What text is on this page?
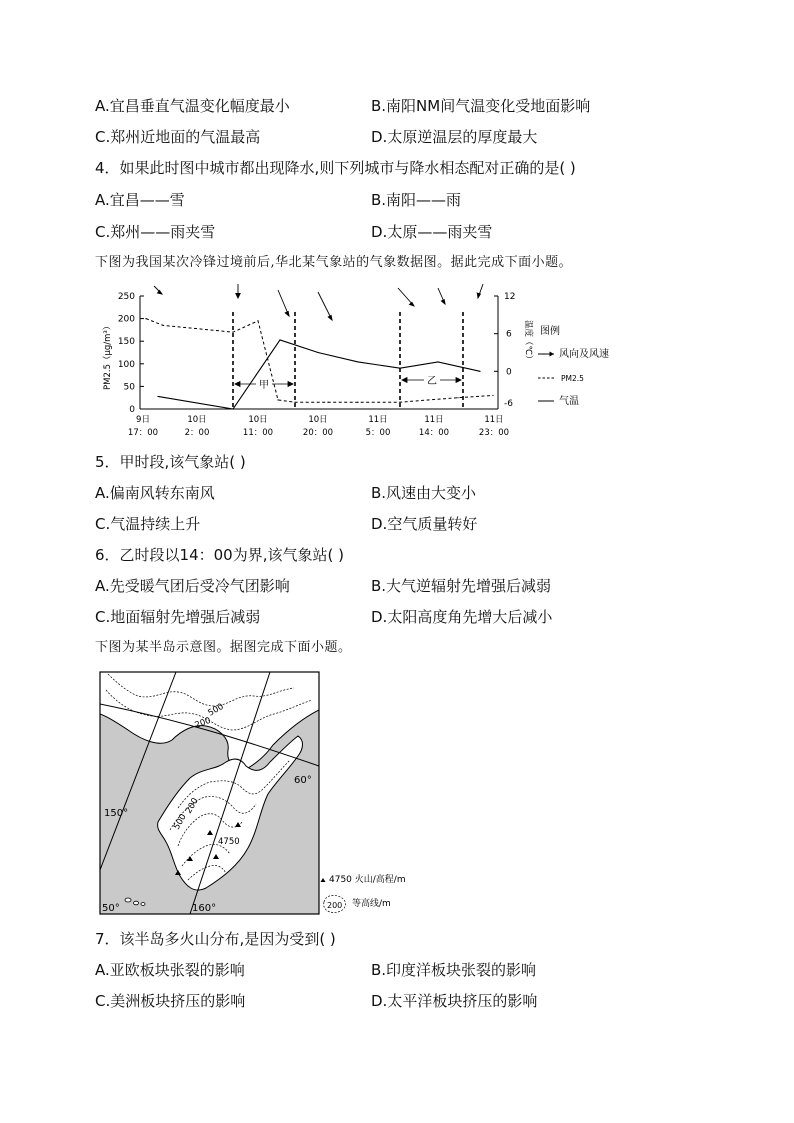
A.宜昌垂直气温变化幅度最小	B.南阳NM间气温变化受地面影响
C.郑州近地面的气温最高	D.太原逆温层的厚度最大
4．如果此时图中城市都出现降水,则下列城市与降水相态配对正确的是( )
A.宜昌——雪	B.南阳——雨
C.郑州——雨夹雪	D.太原——雨夹雪
下图为我国某次冷锋过境前后,华北某气象站的气象数据图。据此完成下面小题。
250
200
150
100
50
0
PM2.5（μg/m³）
12
6
0
-6
温度（℃）
9日	10日	10日	10日	11日	11日	11日
17：00	2：00	11：00	20：00	5：00	14：00	23：00
甲	乙
图例
风向及风速
PM2.5
气温
5．甲时段,该气象站( )
A.偏南风转东南风	B.风速由大变小
C.气温持续上升	D.空气质量转好
6．乙时段以14：00为界,该气象站( )
A.先受暖气团后受冷气团影响	B.大气逆辐射先增强后减弱
C.地面辐射先增强后减弱	D.太阳高度角先增大后减小
下图为某半岛示意图。据图完成下面小题。
150°
160°
60°
50°
500
200
500
200
4750
4750 火山/高程/m
200 等高线/m
7．该半岛多火山分布,是因为受到( )
A.亚欧板块张裂的影响	B.印度洋板块张裂的影响
C.美洲板块挤压的影响	D.太平洋板块挤压的影响
